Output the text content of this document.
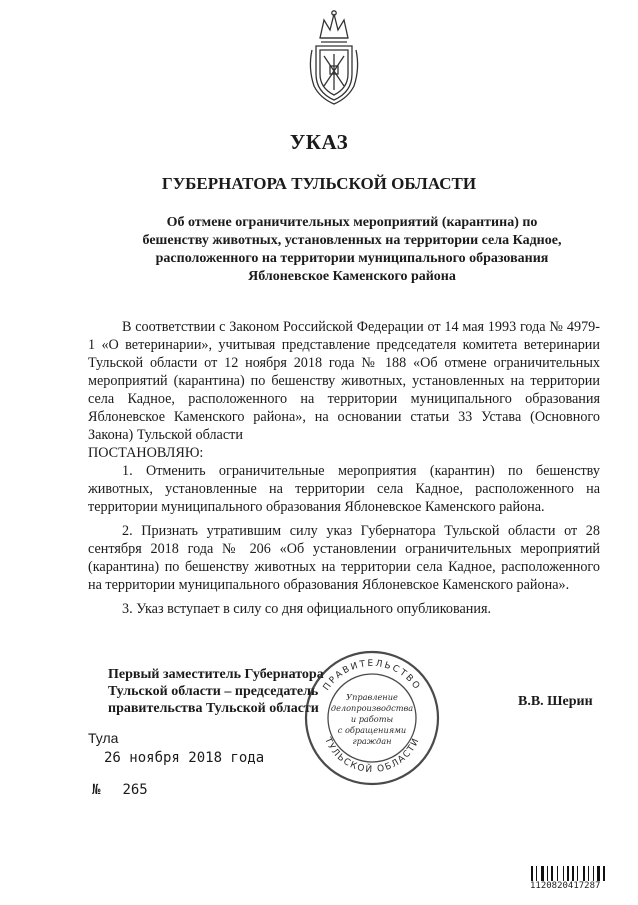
УКАЗ
ГУБЕРНАТОРА ТУЛЬСКОЙ ОБЛАСТИ
Об отмене ограничительных мероприятий (карантина) по
бешенству животных, установленных на территории села Кадное,
расположенного на территории муниципального образования
Яблоневское Каменского района

В соответствии с Законом Российской Федерации от 14 мая 1993 года № 4979-1 «О ветеринарии», учитывая представление председателя комитета ветеринарии Тульской области от 12 ноября 2018 года № 188 «Об отмене ограничительных мероприятий (карантина) по бешенству животных, установленных на территории села Кадное, расположенного на территории муниципального образования Яблоневское Каменского района», на основании статьи 33 Устава (Основного Закона) Тульской области

ПОСТАНОВЛЯЮ:

1. Отменить ограничительные мероприятия (карантин) по бешенству животных, установленные на территории села Кадное, расположенного на территории муниципального образования Яблоневское Каменского района.

2. Признать утратившим силу указ Губернатора Тульской области от 28 сентября 2018 года № 206 «Об установлении ограничительных мероприятий (карантина) по бешенству животных на территории села Кадное, расположенного на территории муниципального образования Яблоневское Каменского района».

3. Указ вступает в силу со дня официального опубликования.

Первый заместитель Губернатора
Тульской области – председатель
правительства Тульской области
ПРАВИТЕЛЬСТВО
ТУЛЬСКОЙ ОБЛАСТИ
Управление
делопроизводства
и работы
с обращениями
граждан
В.В. Шерин
Тула
26 ноября 2018 года
№ 265
1120820417287
